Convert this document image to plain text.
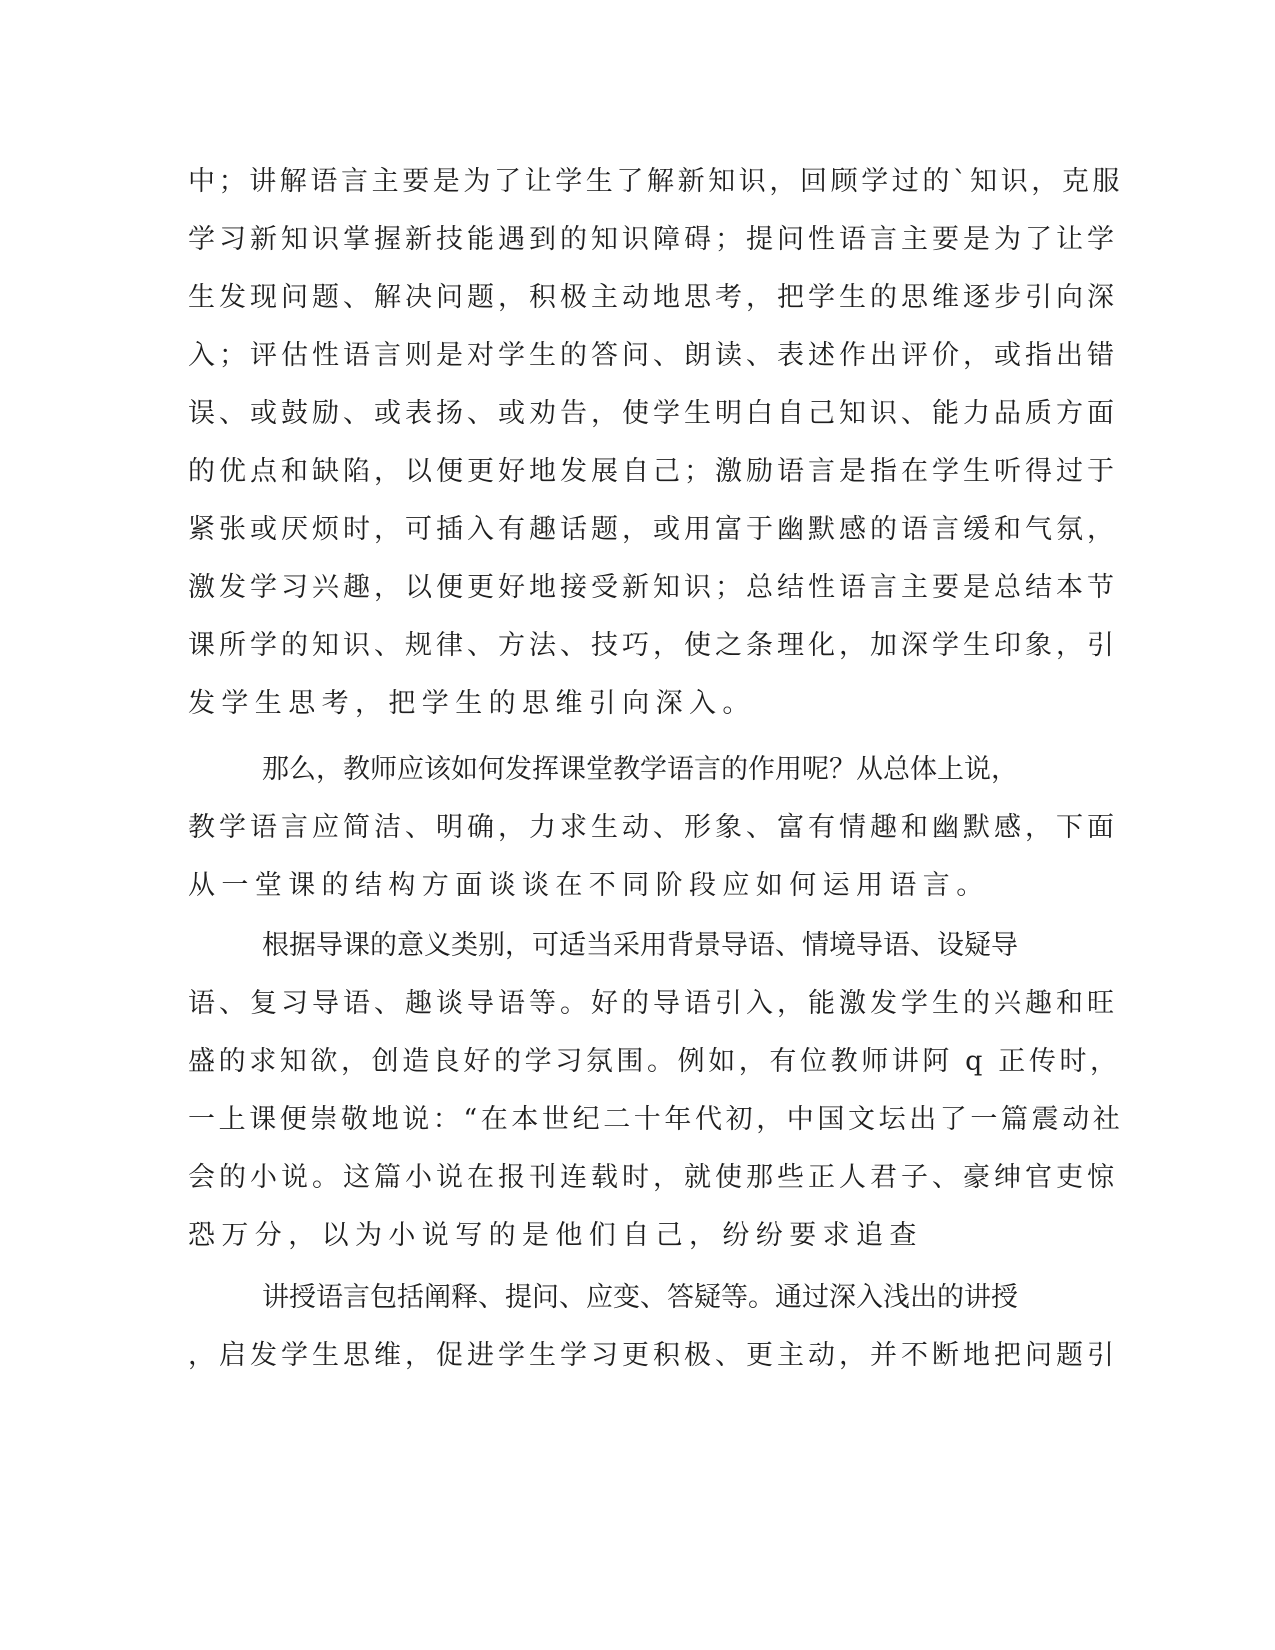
中；讲解语言主要是为了让学生了解新知识，回顾学过的`知识，克服
学习新知识掌握新技能遇到的知识障碍；提问性语言主要是为了让学
生发现问题、解决问题，积极主动地思考，把学生的思维逐步引向深
入；评估性语言则是对学生的答问、朗读、表述作出评价，或指出错
误、或鼓励、或表扬、或劝告，使学生明白自己知识、能力品质方面
的优点和缺陷，以便更好地发展自己；激励语言是指在学生听得过于
紧张或厌烦时，可插入有趣话题，或用富于幽默感的语言缓和气氛，
激发学习兴趣，以便更好地接受新知识；总结性语言主要是总结本节
课所学的知识、规律、方法、技巧，使之条理化，加深学生印象，引
发学生思考，把学生的思维引向深入。
那么，教师应该如何发挥课堂教学语言的作用呢？从总体上说，
教学语言应简洁、明确，力求生动、形象、富有情趣和幽默感，下面
从一堂课的结构方面谈谈在不同阶段应如何运用语言。
根据导课的意义类别，可适当采用背景导语、情境导语、设疑导
语、复习导语、趣谈导语等。好的导语引入，能激发学生的兴趣和旺
盛的求知欲，创造良好的学习氛围。例如，有位教师讲阿 q 正传时，
一上课便崇敬地说：“在本世纪二十年代初，中国文坛出了一篇震动社
会的小说。这篇小说在报刊连载时，就使那些正人君子、豪绅官吏惊
恐万分，以为小说写的是他们自己，纷纷要求追查
讲授语言包括阐释、提问、应变、答疑等。通过深入浅出的讲授
，启发学生思维，促进学生学习更积极、更主动，并不断地把问题引
